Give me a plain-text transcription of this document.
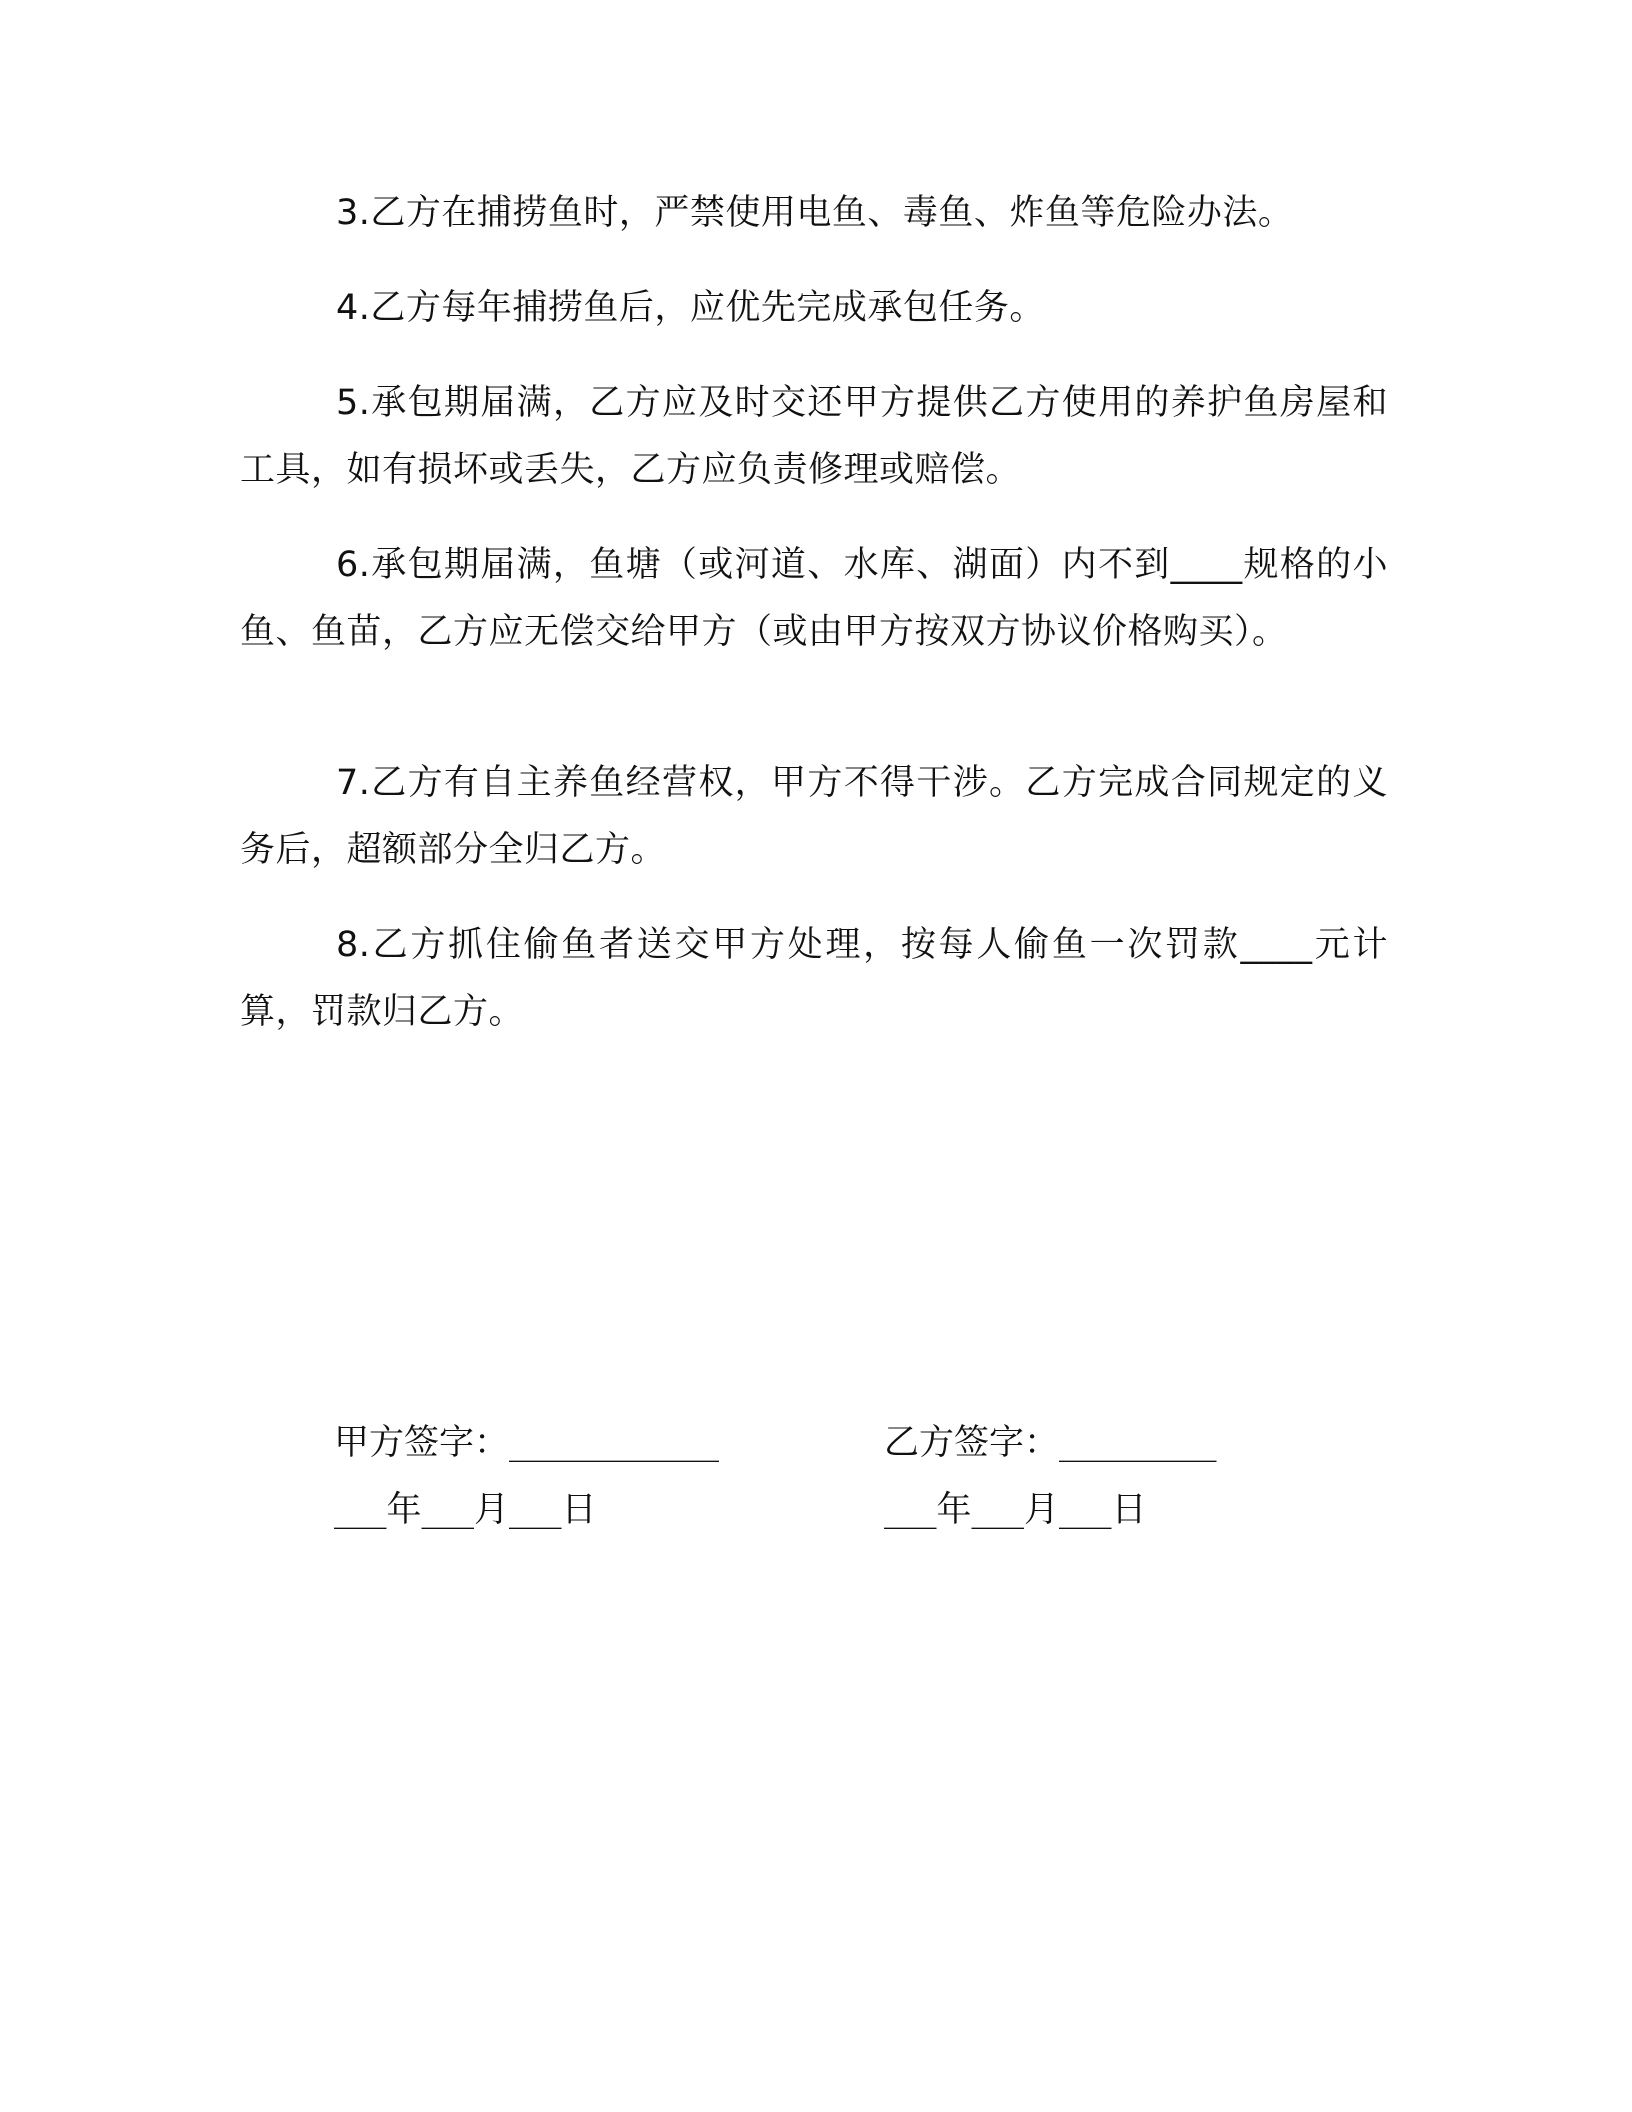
3.乙方在捕捞鱼时，严禁使用电鱼、毒鱼、炸鱼等危险办法。

4.乙方每年捕捞鱼后，应优先完成承包任务。

5.承包期届满，乙方应及时交还甲方提供乙方使用的养护鱼房屋和工具，如有损坏或丢失，乙方应负责修理或赔偿。

6.承包期届满，鱼塘（或河道、水库、湖面）内不到____规格的小鱼、鱼苗，乙方应无偿交给甲方（或由甲方按双方协议价格购买）。

7.乙方有自主养鱼经营权，甲方不得干涉。乙方完成合同规定的义务后，超额部分全归乙方。

8.乙方抓住偷鱼者送交甲方处理，按每人偷鱼一次罚款____元计算，罚款归乙方。

甲方签字：____________
___年___月___日
乙方签字：_________
___年___月___日
